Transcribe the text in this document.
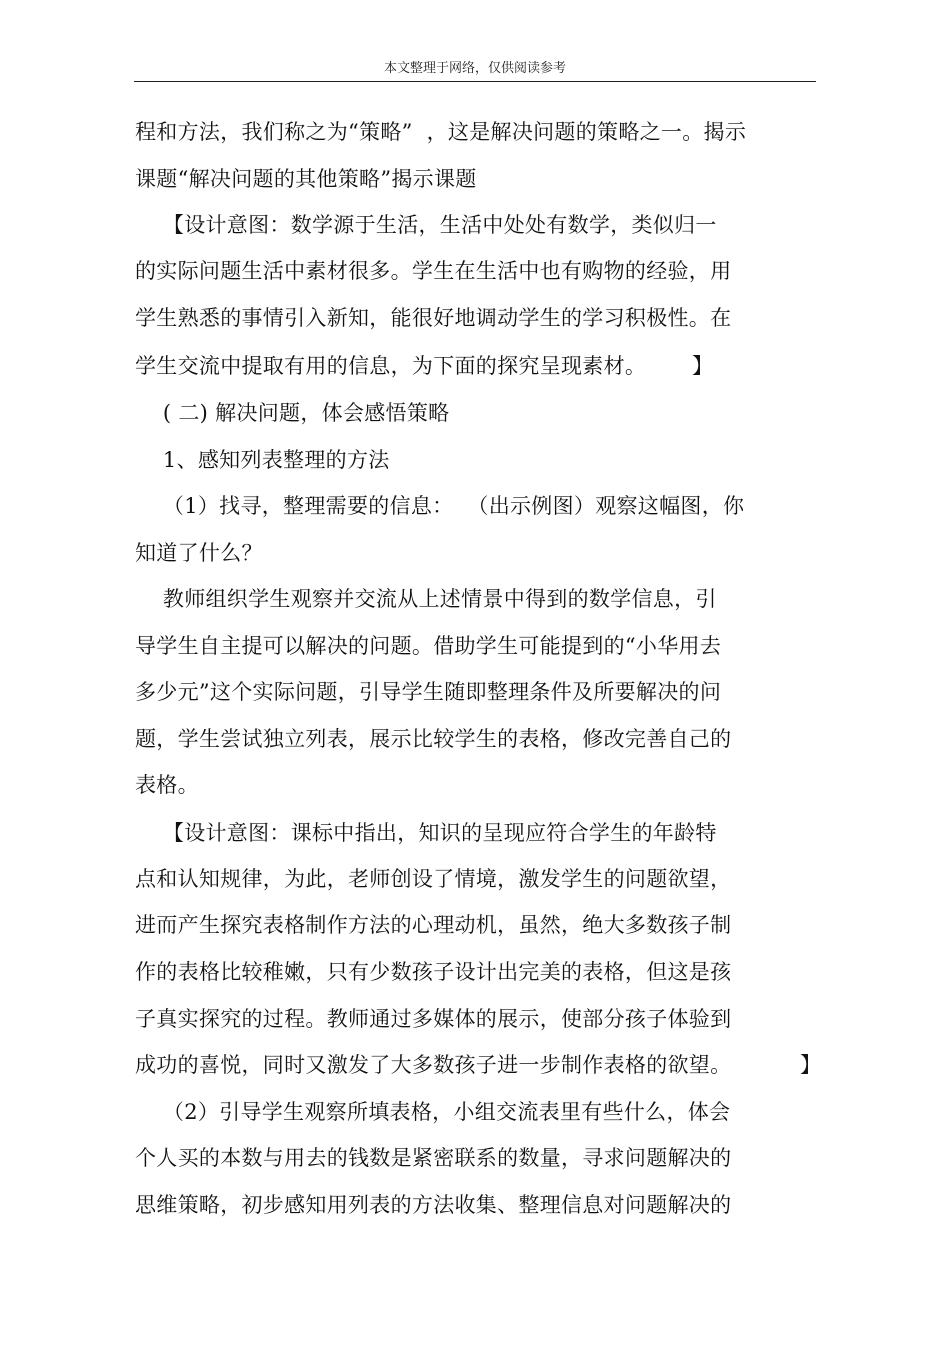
本文整理于网络，仅供阅读参考
程和方法，我们称之为“策略”  ，这是解决问题的策略之一。揭示
课题“解决问题的其他策略”揭示课题
【设计意图：数学源于生活，生活中处处有数学，类似归一
的实际问题生活中素材很多。学生在生活中也有购物的经验，用
学生熟悉的事情引入新知，能很好地调动学生的学习积极性。在
学生交流中提取有用的信息，为下面的探究呈现素材。 】
( 二) 解决问题，体会感悟策略
1、感知列表整理的方法
（1）找寻，整理需要的信息：  （出示例图）观察这幅图，你
知道了什么？
教师组织学生观察并交流从上述情景中得到的数学信息，引
导学生自主提可以解决的问题。借助学生可能提到的“小华用去
多少元”这个实际问题，引导学生随即整理条件及所要解决的问
题，学生尝试独立列表，展示比较学生的表格，修改完善自己的
表格。
【设计意图：课标中指出，知识的呈现应符合学生的年龄特
点和认知规律，为此，老师创设了情境，激发学生的问题欲望，
进而产生探究表格制作方法的心理动机，虽然，绝大多数孩子制
作的表格比较稚嫩，只有少数孩子设计出完美的表格，但这是孩
子真实探究的过程。教师通过多媒体的展示，使部分孩子体验到
成功的喜悦，同时又激发了大多数孩子进一步制作表格的欲望。	】
（2）引导学生观察所填表格，小组交流表里有些什么，体会
个人买的本数与用去的钱数是紧密联系的数量，寻求问题解决的
思维策略，初步感知用列表的方法收集、整理信息对问题解决的
